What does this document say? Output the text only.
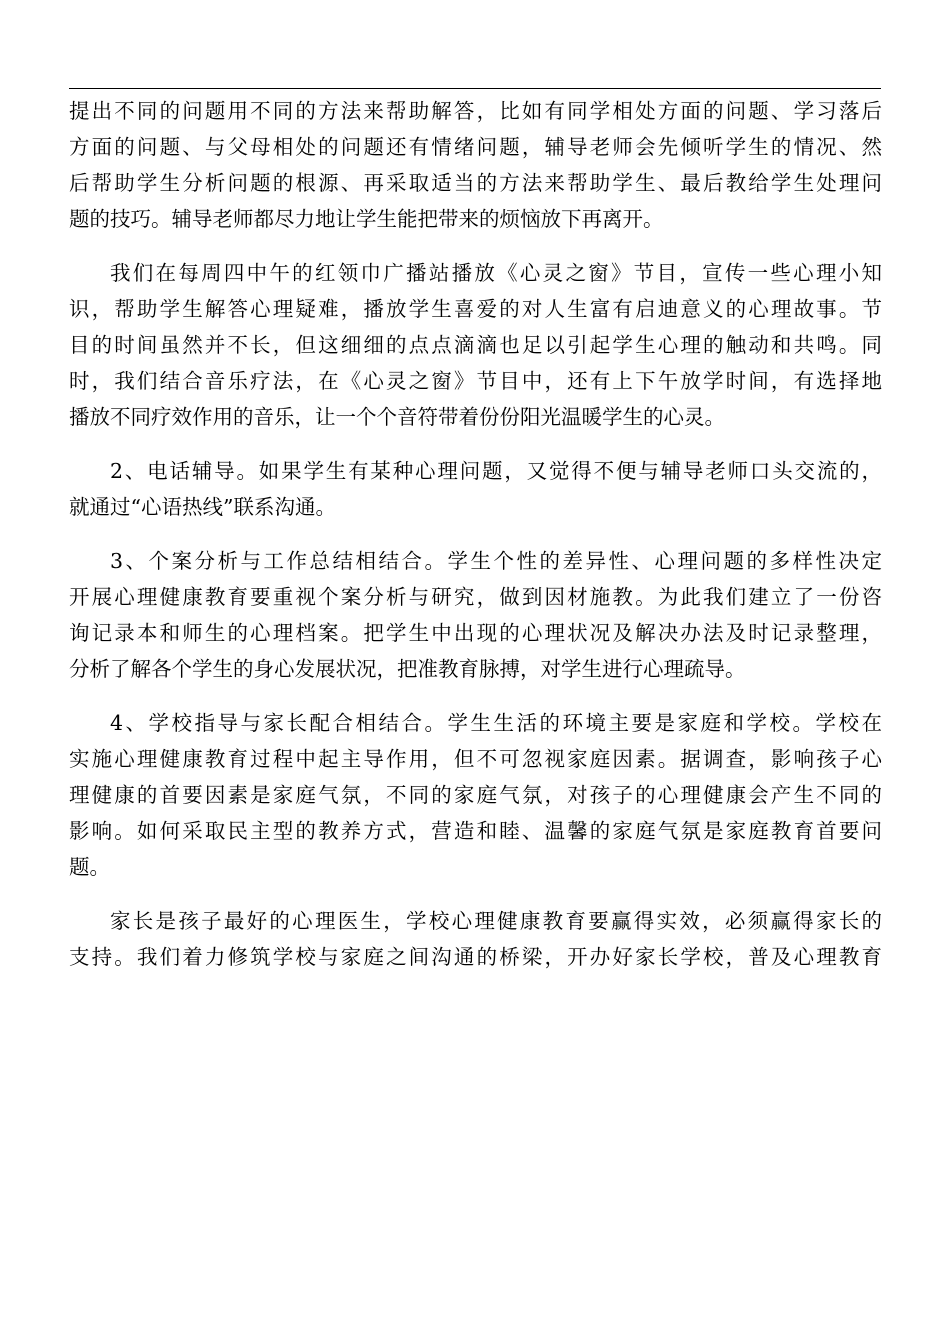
提出不同的问题用不同的方法来帮助解答，比如有同学相处方面的问题、学习落后
方面的问题、与父母相处的问题还有情绪问题，辅导老师会先倾听学生的情况、然
后帮助学生分析问题的根源、再采取适当的方法来帮助学生、最后教给学生处理问
题的技巧。辅导老师都尽力地让学生能把带来的烦恼放下再离开。
我们在每周四中午的红领巾广播站播放《心灵之窗》节目，宣传一些心理小知
识，帮助学生解答心理疑难，播放学生喜爱的对人生富有启迪意义的心理故事。节
目的时间虽然并不长，但这细细的点点滴滴也足以引起学生心理的触动和共鸣。同
时，我们结合音乐疗法，在《心灵之窗》节目中，还有上下午放学时间，有选择地
播放不同疗效作用的音乐，让一个个音符带着份份阳光温暖学生的心灵。
2、电话辅导。如果学生有某种心理问题，又觉得不便与辅导老师口头交流的，
就通过“心语热线”联系沟通。
3、个案分析与工作总结相结合。学生个性的差异性、心理问题的多样性决定
开展心理健康教育要重视个案分析与研究，做到因材施教。为此我们建立了一份咨
询记录本和师生的心理档案。把学生中出现的心理状况及解决办法及时记录整理，
分析了解各个学生的身心发展状况，把准教育脉搏，对学生进行心理疏导。
4、学校指导与家长配合相结合。学生生活的环境主要是家庭和学校。学校在
实施心理健康教育过程中起主导作用，但不可忽视家庭因素。据调查，影响孩子心
理健康的首要因素是家庭气氛，不同的家庭气氛，对孩子的心理健康会产生不同的
影响。如何采取民主型的教养方式，营造和睦、温馨的家庭气氛是家庭教育首要问
题。
家长是孩子最好的心理医生，学校心理健康教育要赢得实效，必须赢得家长的
支持。我们着力修筑学校与家庭之间沟通的桥梁，开办好家长学校，普及心理教育
